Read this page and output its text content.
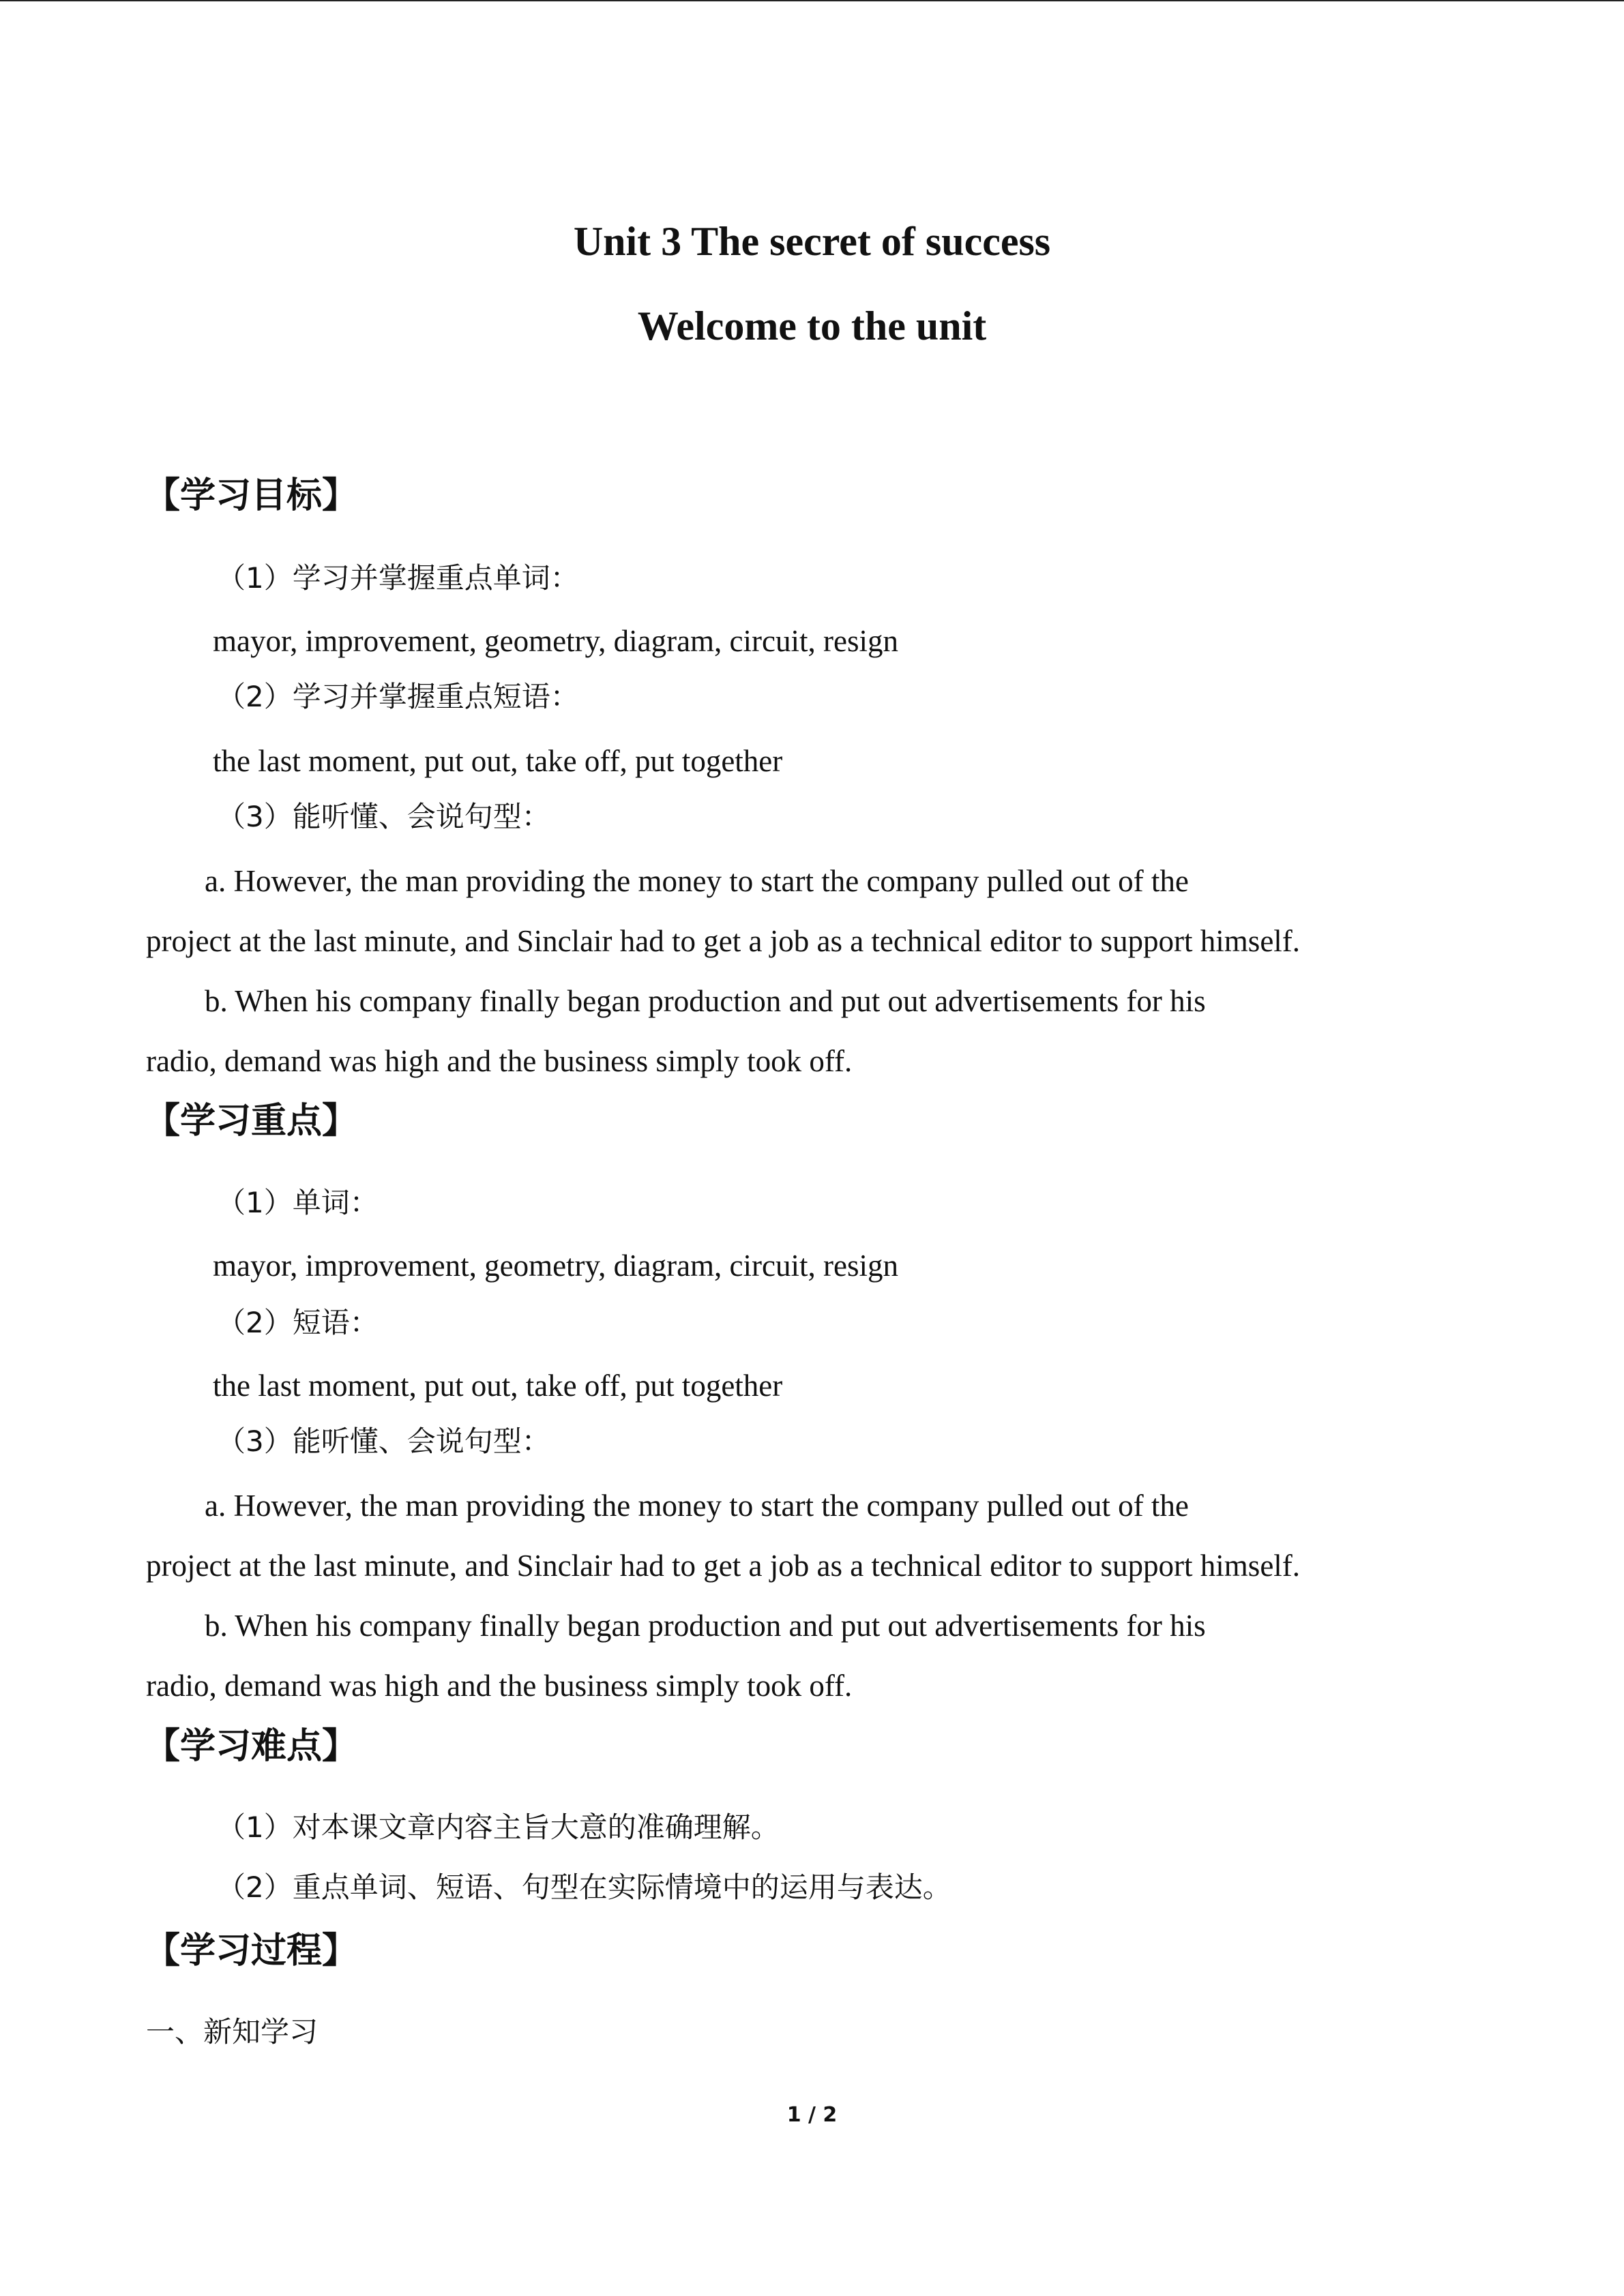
Unit 3 The secret of success
Welcome to the unit
【学习目标】
（1）学习并掌握重点单词：
mayor, improvement, geometry, diagram, circuit, resign
（2）学习并掌握重点短语：
the last moment, put out, take off, put together
（3）能听懂、会说句型：
a. However, the man providing the money to start the company pulled out of the
project at the last minute, and Sinclair had to get a job as a technical editor to support himself.
b. When his company finally began production and put out advertisements for his
radio, demand was high and the business simply took off.
【学习重点】
（1）单词：
mayor, improvement, geometry, diagram, circuit, resign
（2）短语：
the last moment, put out, take off, put together
（3）能听懂、会说句型：
a. However, the man providing the money to start the company pulled out of the
project at the last minute, and Sinclair had to get a job as a technical editor to support himself.
b. When his company finally began production and put out advertisements for his
radio, demand was high and the business simply took off.
【学习难点】
（1）对本课文章内容主旨大意的准确理解。
（2）重点单词、短语、句型在实际情境中的运用与表达。
【学习过程】
一、新知学习
1 / 2
